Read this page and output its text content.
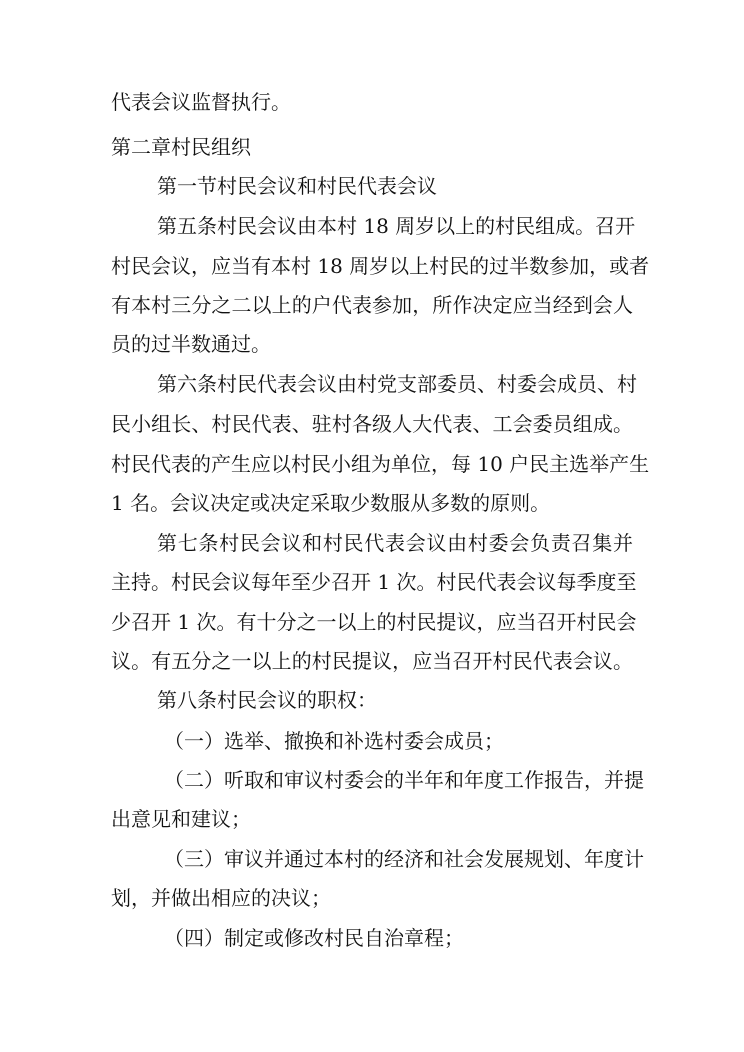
代表会议监督执行。
第二章村民组织
第一节村民会议和村民代表会议
第五条村民会议由本村 18 周岁以上的村民组成。召开
村民会议，应当有本村 18 周岁以上村民的过半数参加，或者
有本村三分之二以上的户代表参加，所作决定应当经到会人
员的过半数通过。
第六条村民代表会议由村党支部委员、村委会成员、村
民小组长、村民代表、驻村各级人大代表、工会委员组成。
村民代表的产生应以村民小组为单位，每 10 户民主选举产生
1 名。会议决定或决定采取少数服从多数的原则。
第七条村民会议和村民代表会议由村委会负责召集并
主持。村民会议每年至少召开 1 次。村民代表会议每季度至
少召开 1 次。有十分之一以上的村民提议，应当召开村民会
议。有五分之一以上的村民提议，应当召开村民代表会议。
第八条村民会议的职权：
（一）选举、撤换和补选村委会成员；
（二）听取和审议村委会的半年和年度工作报告，并提
出意见和建议；
（三）审议并通过本村的经济和社会发展规划、年度计
划，并做出相应的决议；
（四）制定或修改村民自治章程；
